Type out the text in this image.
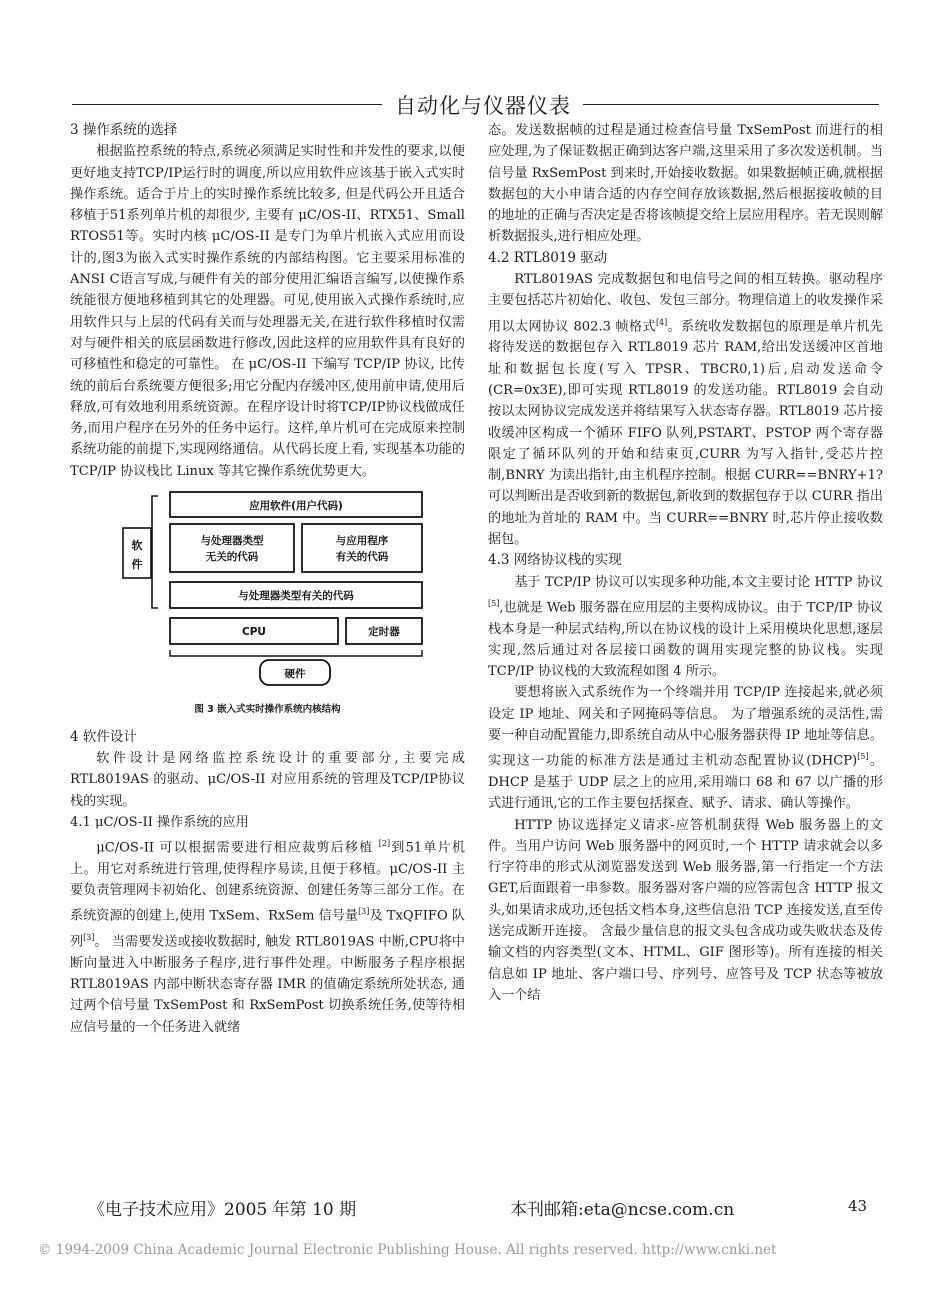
自动化与仪器仪表
3 操作系统的选择

根据监控系统的特点,系统必须满足实时性和并发性的要求,以便更好地支持TCP/IP运行时的调度,所以应用软件应该基于嵌入式实时操作系统。适合于片上的实时操作系统比较多, 但是代码公开且适合移植于51系列单片机的却很少, 主要有 μC/OS-II、RTX51、Small RTOS51等。实时内核 μC/OS-II 是专门为单片机嵌入式应用而设计的,图3为嵌入式实时操作系统的内部结构图。它主要采用标准的ANSI C语言写成,与硬件有关的部分使用汇编语言编写,以使操作系统能很方便地移植到其它的处理器。可见,使用嵌入式操作系统时,应用软件只与上层的代码有关而与处理器无关,在进行软件移植时仅需对与硬件相关的底层函数进行修改,因此这样的应用软件具有良好的可移植性和稳定的可靠性。 在 μC/OS-II 下编写 TCP/IP 协议, 比传统的前后台系统要方便很多;用它分配内存缓冲区,使用前申请,使用后释放,可有效地利用系统资源。在程序设计时将TCP/IP协议栈做成任务,而用户程序在另外的任务中运行。这样,单片机可在完成原来控制系统功能的前提下,实现网络通信。从代码长度上看, 实现基本功能的 TCP/IP 协议栈比 Linux 等其它操作系统优势更大。

软
件
应用软件(用户代码)
与处理器类型
无关的代码
与应用程序
有关的代码
与处理器类型有关的代码
CPU	定时器
硬件
图 3 嵌入式实时操作系统内核结构
4 软件设计

软件设计是网络监控系统设计的重要部分,主要完成 RTL8019AS 的驱动、μC/OS-II 对应用系统的管理及TCP/IP协议栈的实现。

4.1 μC/OS-II 操作系统的应用

μC/OS-II 可以根据需要进行相应裁剪后移植 [2]到51单片机上。用它对系统进行管理,使得程序易读,且便于移植。μC/OS-II 主要负责管理网卡初始化、创建系统资源、创建任务等三部分工作。在系统资源的创建上,使用 TxSem、RxSem 信号量[3]及 TxQFIFO 队列[3]。 当需要发送或接收数据时, 触发 RTL8019AS 中断,CPU将中断向量进入中断服务子程序,进行事件处理。中断服务子程序根据 RTL8019AS 内部中断状态寄存器 IMR 的值确定系统所处状态, 通过两个信号量 TxSemPost 和 RxSemPost 切换系统任务,使等待相应信号量的一个任务进入就绪

态。发送数据帧的过程是通过检查信号量 TxSemPost 而进行的相应处理,为了保证数据正确到达客户端,这里采用了多次发送机制。当信号量 RxSemPost 到来时,开始接收数据。如果数据帧正确,就根据数据包的大小申请合适的内存空间存放该数据,然后根据接收帧的目的地址的正确与否决定是否将该帧提交给上层应用程序。若无误则解析数据报头,进行相应处理。

4.2 RTL8019 驱动

RTL8019AS 完成数据包和电信号之间的相互转换。驱动程序主要包括芯片初始化、收包、发包三部分。物理信道上的收发操作采用以太网协议 802.3 帧格式[4]。系统收发数据包的原理是单片机先将待发送的数据包存入 RTL8019 芯片 RAM,给出发送缓冲区首地址和数据包长度(写入 TPSR、TBCR0,1)后,启动发送命令(CR=0x3E),即可实现 RTL8019 的发送功能。RTL8019 会自动按以太网协议完成发送并将结果写入状态寄存器。RTL8019 芯片接收缓冲区构成一个循环 FIFO 队列,PSTART、PSTOP 两个寄存器限定了循环队列的开始和结束页,CURR 为写入指针,受芯片控制,BNRY 为读出指针,由主机程序控制。根据 CURR==BNRY+1?可以判断出是否收到新的数据包,新收到的数据包存于以 CURR 指出的地址为首址的 RAM 中。当 CURR==BNRY 时,芯片停止接收数据包。

4.3 网络协议栈的实现

基于 TCP/IP 协议可以实现多种功能,本文主要讨论 HTTP 协议[5],也就是 Web 服务器在应用层的主要构成协议。由于 TCP/IP 协议栈本身是一种层式结构,所以在协议栈的设计上采用模块化思想,逐层实现,然后通过对各层接口函数的调用实现完整的协议栈。实现 TCP/IP 协议栈的大致流程如图 4 所示。

要想将嵌入式系统作为一个终端并用 TCP/IP 连接起来,就必须设定 IP 地址、网关和子网掩码等信息。 为了增强系统的灵活性,需要一种自动配置能力,即系统自动从中心服务器获得 IP 地址等信息。 实现这一功能的标准方法是通过主机动态配置协议(DHCP)[5]。DHCP 是基于 UDP 层之上的应用,采用端口 68 和 67 以广播的形式进行通讯,它的工作主要包括探查、赋予、请求、确认等操作。

HTTP 协议选择定义请求-应答机制获得 Web 服务器上的文件。当用户访问 Web 服务器中的网页时,一个 HTTP 请求就会以多行字符串的形式从浏览器发送到 Web 服务器,第一行指定一个方法 GET,后面跟着一串参数。服务器对客户端的应答需包含 HTTP 报文头,如果请求成功,还包括文档本身,这些信息沿 TCP 连接发送,直至传送完成断开连接。 含最少量信息的报文头包含成功或失败状态及传输文档的内容类型(文本、HTML、GIF 图形等)。所有连接的相关信息如 IP 地址、客户端口号、序列号、应答号及 TCP 状态等被放入一个结

《电子技术应用》2005 年第 10 期	本刊邮箱:eta@ncse.com.cn	43
© 1994-2009 China Academic Journal Electronic Publishing House. All rights reserved. http://www.cnki.net
